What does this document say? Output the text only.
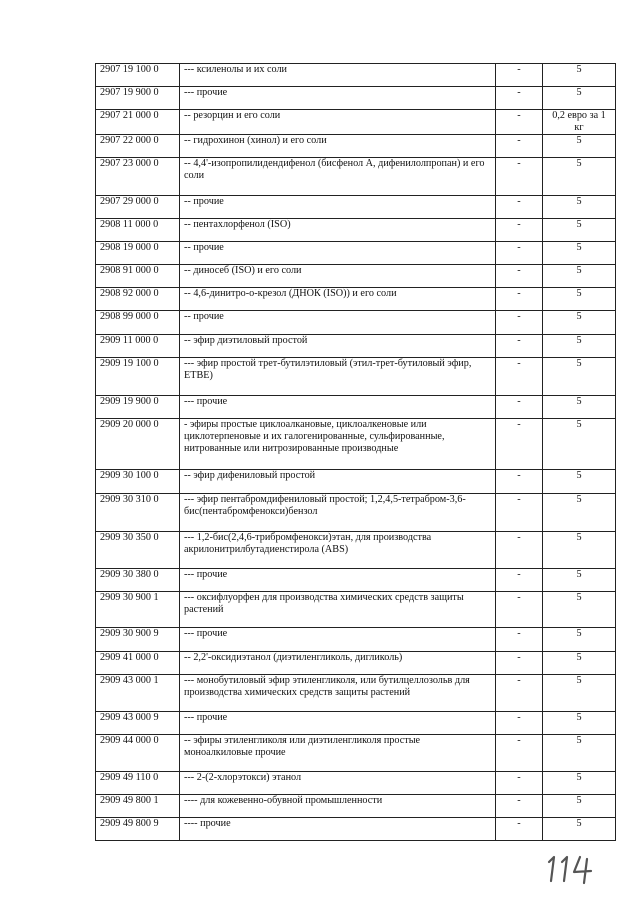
2907 19 100 0	--- ксиленолы и их соли	-	5
2907 19 900 0	--- прочие	-	5
2907 21 000 0	-- резорцин и его соли	-	0,2 евро за 1 кг
2907 22 000 0	-- гидрохинон (хинол) и его соли	-	5
2907 23 000 0	-- 4,4'-изопропилидендифенол (бисфенол А, дифенилолпропан) и его соли	-	5
2907 29 000 0	-- прочие	-	5
2908 11 000 0	-- пентахлорфенол (ISO)	-	5
2908 19 000 0	-- прочие	-	5
2908 91 000 0	-- диносеб (ISO) и его соли	-	5
2908 92 000 0	-- 4,6-динитро-о-крезол (ДНОК (ISO)) и его соли	-	5
2908 99 000 0	-- прочие	-	5
2909 11 000 0	-- эфир диэтиловый простой	-	5
2909 19 100 0	--- эфир простой трет-бутилэтиловый (этил-трет-бутиловый эфир, ЕТВЕ)	-	5
2909 19 900 0	--- прочие	-	5
2909 20 000 0	- эфиры простые циклоалкановые, циклоалкеновые или циклотерпеновые и их галогенированные, сульфированные, нитрованные или нитрозированные производные	-	5
2909 30 100 0	-- эфир дифениловый простой	-	5
2909 30 310 0	--- эфир пентабромдифениловый простой; 1,2,4,5-тетрабром-3,6-бис(пентабромфенокси)бензол	-	5
2909 30 350 0	--- 1,2-бис(2,4,6-трибромфенокси)этан, для производства акрилонитрилбутадиенстирола (ABS)	-	5
2909 30 380 0	--- прочие	-	5
2909 30 900 1	--- оксифлуорфен для производства химических средств защиты растений	-	5
2909 30 900 9	--- прочие	-	5
2909 41 000 0	-- 2,2'-оксидиэтанол (диэтиленгликоль, дигликоль)	-	5
2909 43 000 1	--- монобутиловый эфир этиленгликоля, или бутилцеллозольв для производства химических средств защиты растений	-	5
2909 43 000 9	--- прочие	-	5
2909 44 000 0	-- эфиры этиленгликоля или диэтиленгликоля простые моноалкиловые прочие	-	5
2909 49 110 0	--- 2-(2-хлорэтокси) этанол	-	5
2909 49 800 1	---- для кожевенно-обувной промышленности	-	5
2909 49 800 9	---- прочие	-	5
